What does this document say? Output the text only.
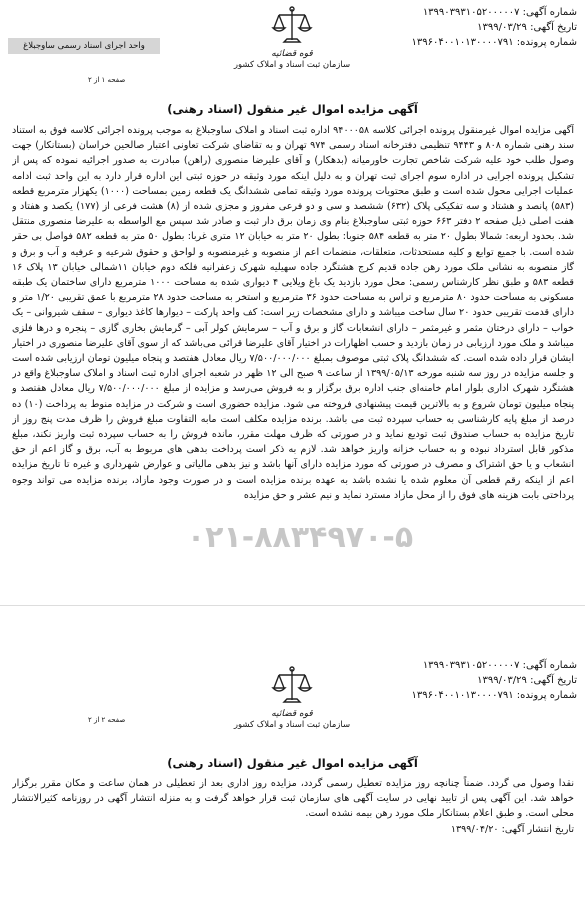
شماره آگهی: ۱۳۹۹۰۳۹۳۱۰۵۲۰۰۰۰۰۷
تاریخ آگهی: ۱۳۹۹/۰۳/۲۹
شماره پرونده: ۱۳۹۶۰۴۰۰۱۰۱۳۰۰۰۰۷۹۱
قوه قضائیه
سازمان ثبت اسناد و املاک کشور
واحد اجرای اسناد رسمی ساوجبلاغ
صفحه ۱ از ۲
آگهی مزایده اموال غیر منقول (اسناد رهنی)

آگهی مزایده اموال غیرمنقول پرونده اجرائی کلاسه ۹۴۰۰۰۵۸ اداره ثبت اسناد و املاک ساوجبلاغ به موجب پرونده اجرائی کلاسه فوق به استناد سند رهنی شماره ۸۰۸ و ۹۴۴۳ تنظیمی دفترخانه اسناد رسمی ۹۷۴ تهران و به تقاضای شرکت تعاونی اعتبار صالحین خراسان (بستانکار) جهت وصول طلب خود علیه شرکت شاخص تجارت خاورمیانه (بدهکار) و آقای علیرضا منصوری (راهن) مبادرت به صدور اجرائیه نموده که پس از تشکیل پرونده اجرایی در اداره سوم اجرای ثبت تهران و به دلیل اینکه مورد وثیقه در حوزه ثبتی این اداره قرار دارد به این واحد ثبت ادامه عملیات اجرایی محول شده است و طبق محتویات پرونده مورد وثیقه تمامی ششدانگ یک قطعه زمین بمساحت (۱۰۰۰) یکهزار مترمربع قطعه (۵۸۳) پانصد و هشتاد و سه تفکیکی پلاک (۶۳۲) ششصد و سی و دو فرعی مفروز و مجزی شده از (۸) هشت فرعی از (۱۷۷) یکصد و هفتاد و هفت اصلی ذیل صفحه ۲ دفتر ۶۶۳ حوزه ثبتی ساوجبلاغ بنام وی زمان برق دار ثبت و صادر شد سپس مع الواسطه به علیرضا منصوری منتقل شد. بحدود اربعه: شمالا بطول ۲۰ متر به قطعه ۵۸۴ جنوبا: بطول ۲۰ متر به خیابان ۱۲ متری غربا: بطول ۵۰ متر به قطعه ۵۸۲ فواصل بی حقر شده است. با جمیع توابع و کلیه مستحدثات، متعلقات، منضمات اعم از منصوبه و غیرمنصوبه و لواحق و حقوق شرعیه و عرفیه و آب و برق و گاز منصوبه به نشانی ملک مورد رهن جاده قدیم کرج هشتگرد جاده سهیلیه شهرک زعفرانیه فلکه دوم خیابان ۱۱شمالی خیابان ۱۳ پلاک ۱۶ قطعه ۵۸۳ و طبق نظر کارشناس رسمی: محل مورد بازدید یک باغ ویلایی ۴ دیواری شده به مساحت ۱۰۰۰ مترمربع دارای ساختمان یک طبقه مسکونی به مساحت حدود ۸۰ مترمربع و تراس به مساحت حدود ۳۶ مترمربع و استخر به مساحت حدود ۲۸ مترمربع با عمق تقریبی ۱/۲۰ متر و دارای قدمت تقریبی حدود ۲۰ سال ساخت میباشد و دارای مشخصات زیر است: کف واحد پارکت – دیوارها کاغذ دیواری – سقف شیروانی – یک خواب – دارای درختان مثمر و غیرمثمر – دارای انشعابات گاز و برق و آب – سرمایش کولر آبی – گرمایش بخاری گازی – پنجره و درها فلزی میباشد و ملک مورد ارزیابی در زمان بازدید و حسب اظهارات در اختیار آقای علیرضا قرائی می‌باشد که از سوی آقای علیرضا منصوری در اختیار ایشان قرار داده شده است. که ششدانگ پلاک ثبتی موصوف بمبلغ ۷/۵۰۰/۰۰۰/۰۰۰ ریال معادل هفتصد و پنجاه میلیون تومان ارزیابی شده است و جلسه مزایده در روز سه شنبه مورخه ۱۳۹۹/۰۵/۱۳ از ساعت ۹ صبح الی ۱۲ ظهر در شعبه اجرای اداره ثبت اسناد و املاک ساوجبلاغ واقع در هشتگرد شهرک اداری بلوار امام خامنه‌ای جنب اداره برق برگزار و به فروش می‌رسد و مزایده از مبلغ ۷/۵۰۰/۰۰۰/۰۰۰ ریال معادل هفتصد و پنجاه میلیون تومان شروع و به بالاترین قیمت پیشنهادی فروخته می شود. مزایده حضوری است و شرکت در مزایده منوط به پرداخت (۱۰) ده درصد از مبلغ پایه کارشناسی به حساب سپرده ثبت می باشد. برنده مزایده مکلف است مابه التفاوت مبلغ فروش را ظرف مدت پنج روز از تاریخ مزایده به حساب صندوق ثبت تودیع نماید و در صورتی که ظرف مهلت مقرر، مانده فروش را به حساب سپرده ثبت واریز نکند، مبلغ مذکور قابل استرداد نبوده و به حساب خزانه واریز خواهد شد. لازم به ذکر است پرداخت بدهی های مربوط به آب، برق و گاز اعم از حق انشعاب و یا حق اشتراک و مصرف در صورتی که مورد مزایده دارای آنها باشد و نیز بدهی مالیاتی و عوارض شهرداری و غیره تا تاریخ مزایده اعم از اینکه رقم قطعی آن معلوم شده یا نشده باشد به عهده برنده مزایده است و در صورت وجود مازاد، برنده مزایده می تواند وجوه پرداختی بابت هزینه های فوق را از محل مازاد مسترد نماید و نیم عشر و حق مزایده

۰۲۱-۸۸۳۴۹۷۰-۵
شماره آگهی: ۱۳۹۹۰۳۹۳۱۰۵۲۰۰۰۰۰۷
تاریخ آگهی: ۱۳۹۹/۰۳/۲۹
شماره پرونده: ۱۳۹۶۰۴۰۰۱۰۱۳۰۰۰۰۷۹۱
قوه قضائیه
سازمان ثبت اسناد و املاک کشور
صفحه ۲ از ۲
آگهی مزایده اموال غیر منقول (اسناد رهنی)

نقدا وصول می گردد. ضمناً چنانچه روز مزایده تعطیل رسمی گردد، مزایده روز اداری بعد از تعطیلی در همان ساعت و مکان مقرر برگزار خواهد شد. این آگهی پس از تایید نهایی در سایت آگهی های سازمان ثبت قرار خواهد گرفت و به منزله انتشار آگهی در روزنامه کثیرالانتشار محلی است. و طبق اعلام بستانکار ملک مورد رهن بیمه نشده است.

تاریخ انتشار آگهی: ۱۳۹۹/۰۴/۲۰
